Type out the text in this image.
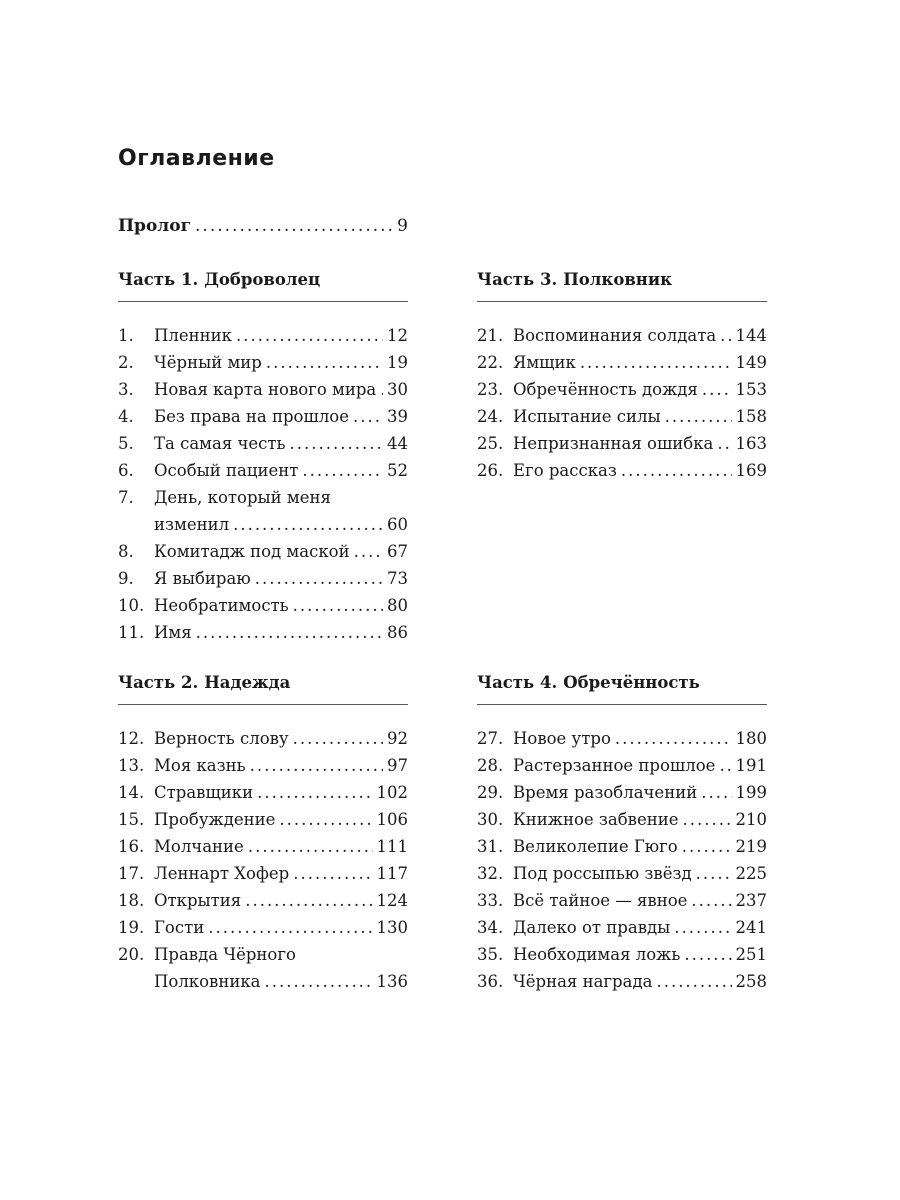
Оглавление
Пролог .....	9
Часть 1. Доброволец
1.	Пленник .....	12
2.	Чёрный мир .....	19
3.	Новая карта нового мира ..... 30
4.	Без права на прошлое ..... 39
5.	Та самая честь .....	44
6.	Особый пациент .....	52
7.	День, который меня
изменил .....	60
8.	Комитадж под маской ..... 67
9.	Я выбираю .....	73
10. Необратимость .....	80
11. Имя .....	86
Часть 2. Надежда
12. Верность слову .....	92
13. Моя казнь .....	97
14. Стравщики .....	102
15. Пробуждение .....	106
16. Молчание .....	111
17. Леннарт Хофер .....	117
18. Открытия .....	124
19. Гости .....	130
20. Правда Чёрного
Полковника .....	136
Часть 3. Полковник
21. Воспоминания солдата ..... 144
22. Ямщик .....	149
23. Обречённость дождя ..... 153
24. Испытание силы .....	158
25. Непризнанная ошибка ..... 163
26. Его рассказ .....	169
Часть 4. Обречённость
27. Новое утро .....	180
28. Растерзанное прошлое ..... 191
29. Время разоблачений ..... 199
30. Книжное забвение .....	210
31. Великолепие Гюго .....	219
32. Под россыпью звёзд .....	225
33. Всё тайное — явное .....	237
34. Далеко от правды .....	241
35. Необходимая ложь .....	251
36. Чёрная награда .....	258
